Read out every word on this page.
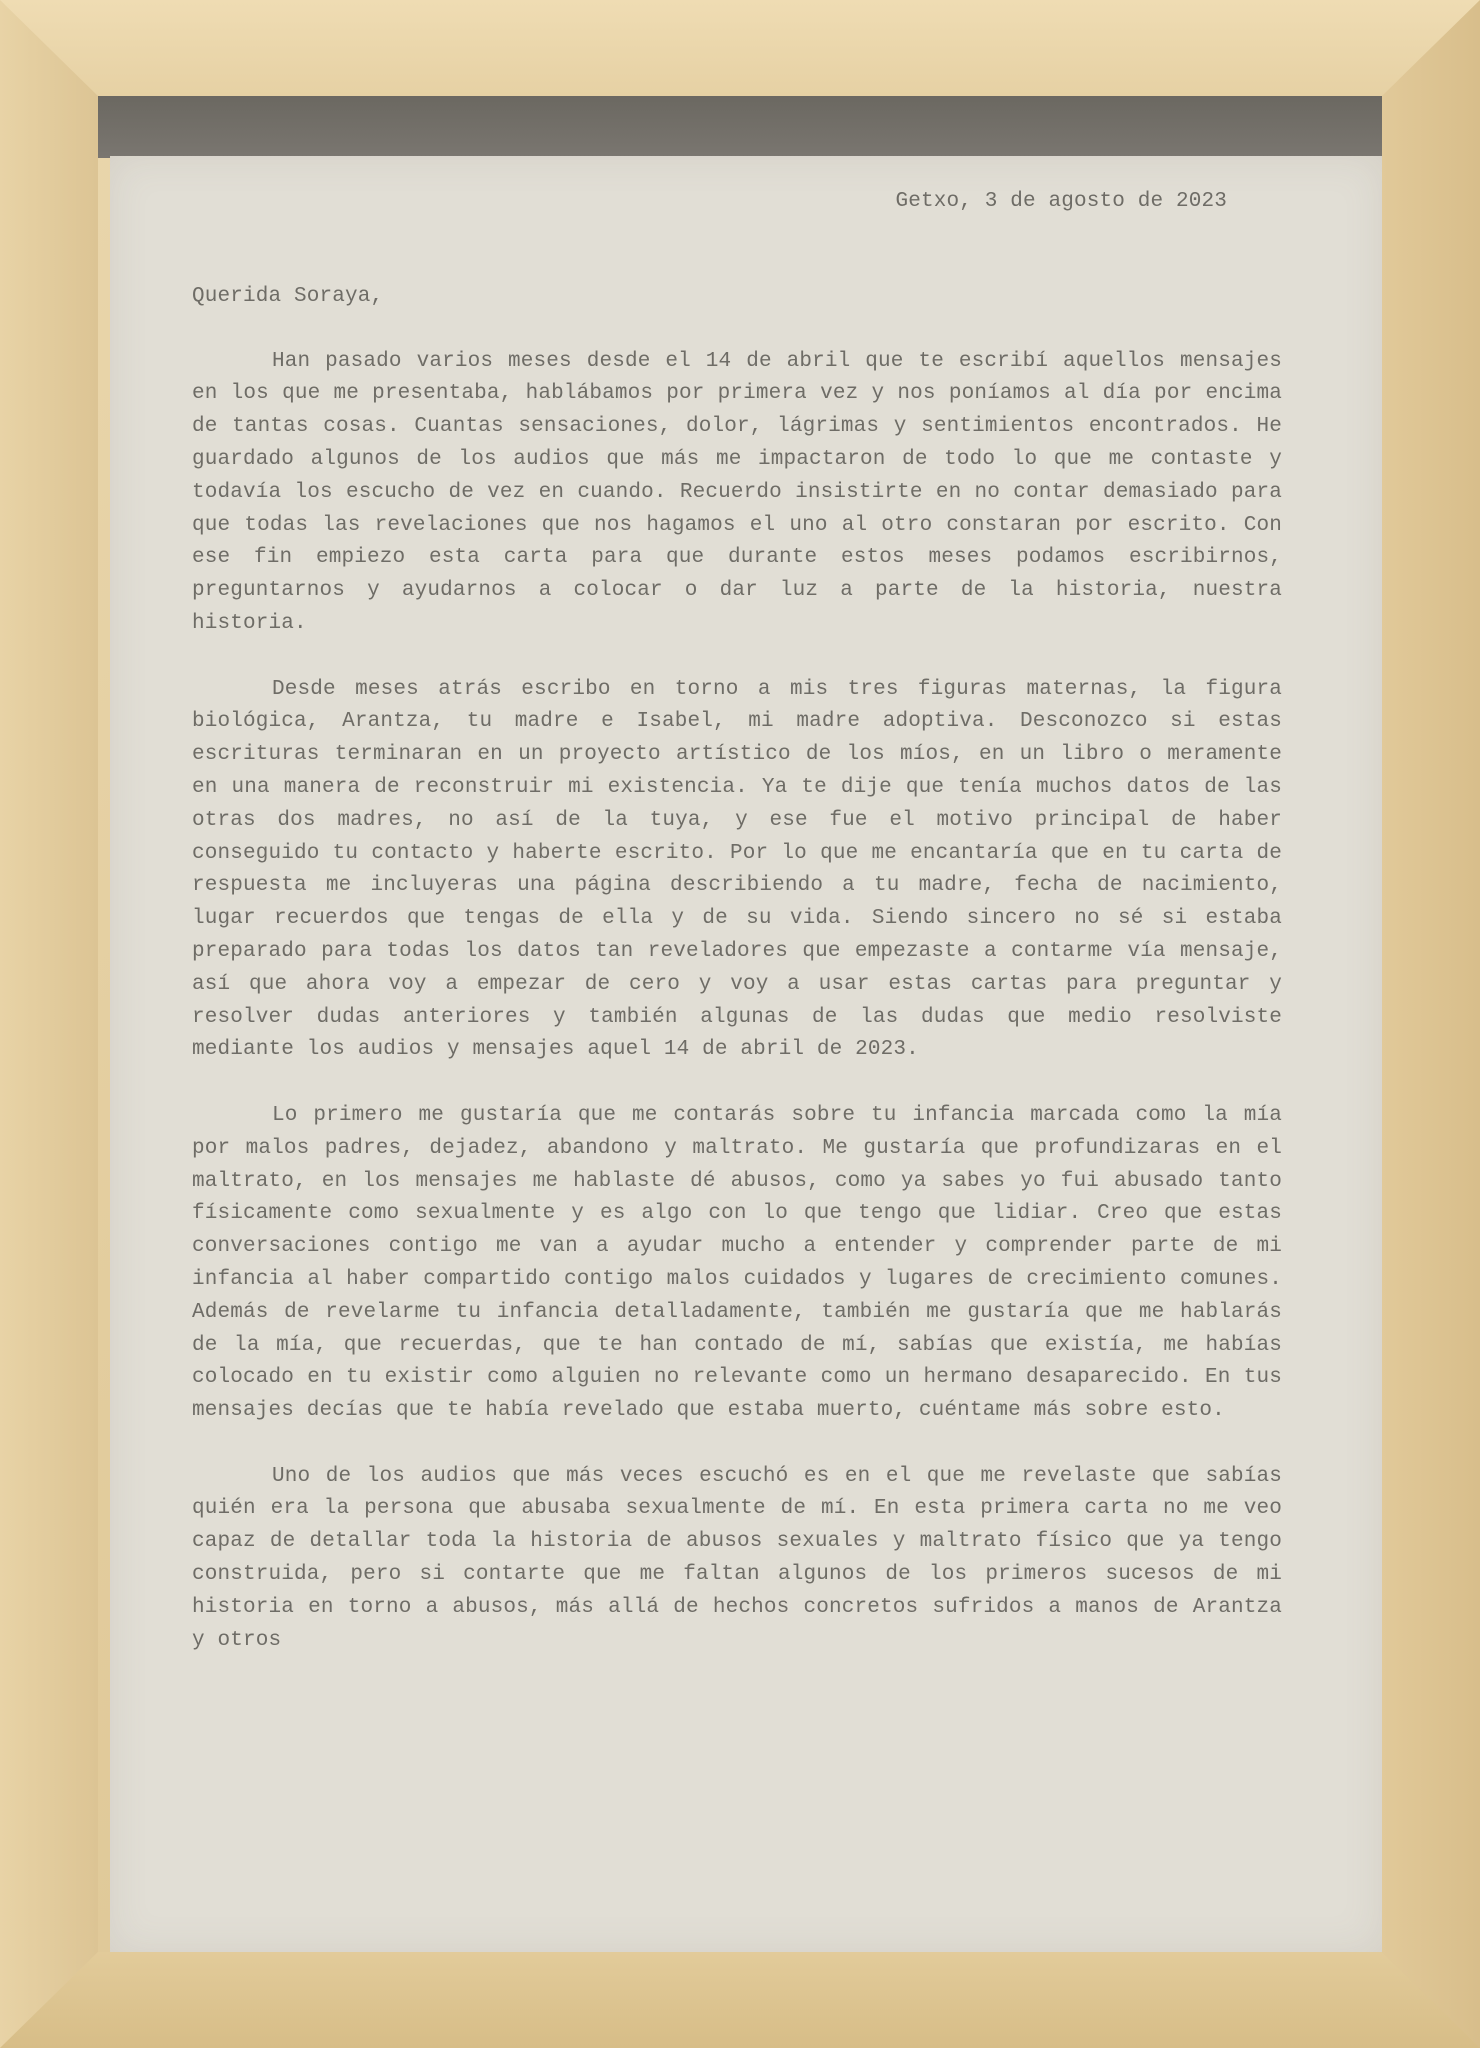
Getxo, 3 de agosto de 2023

Querida Soraya,

Han pasado varios meses desde el 14 de abril que te escribí aquellos mensajes en los que me presentaba, hablábamos por primera vez y nos poníamos al día por encima de tantas cosas. Cuantas sensaciones, dolor, lágrimas y sentimientos encontrados. He guardado algunos de los audios que más me impactaron de todo lo que me contaste y todavía los escucho de vez en cuando. Recuerdo insistirte en no contar demasiado para que todas las revelaciones que nos hagamos el uno al otro constaran por escrito. Con ese fin empiezo esta carta para que durante estos meses podamos escribirnos, preguntarnos y ayudarnos a colocar o dar luz a parte de la historia, nuestra historia.

Desde meses atrás escribo en torno a mis tres figuras maternas, la figura biológica, Arantza, tu madre e Isabel, mi madre adoptiva. Desconozco si estas escrituras terminaran en un proyecto artístico de los míos, en un libro o meramente en una manera de reconstruir mi existencia. Ya te dije que tenía muchos datos de las otras dos madres, no así de la tuya, y ese fue el motivo principal de haber conseguido tu contacto y haberte escrito. Por lo que me encantaría que en tu carta de respuesta me incluyeras una página describiendo a tu madre, fecha de nacimiento, lugar recuerdos que tengas de ella y de su vida. Siendo sincero no sé si estaba preparado para todas los datos tan reveladores que empezaste a contarme vía mensaje, así que ahora voy a empezar de cero y voy a usar estas cartas para preguntar y resolver dudas anteriores y también algunas de las dudas que medio resolviste mediante los audios y mensajes aquel 14 de abril de 2023.

Lo primero me gustaría que me contarás sobre tu infancia marcada como la mía por malos padres, dejadez, abandono y maltrato. Me gustaría que profundizaras en el maltrato, en los mensajes me hablaste dé abusos, como ya sabes yo fui abusado tanto físicamente como sexualmente y es algo con lo que tengo que lidiar. Creo que estas conversaciones contigo me van a ayudar mucho a entender y comprender parte de mi infancia al haber compartido contigo malos cuidados y lugares de crecimiento comunes. Además de revelarme tu infancia detalladamente, también me gustaría que me hablarás de la mía, que recuerdas, que te han contado de mí, sabías que existía, me habías colocado en tu existir como alguien no relevante como un hermano desaparecido. En tus mensajes decías que te había revelado que estaba muerto, cuéntame más sobre esto.

Uno de los audios que más veces escuchó es en el que me revelaste que sabías quién era la persona que abusaba sexualmente de mí. En esta primera carta no me veo capaz de detallar toda la historia de abusos sexuales y maltrato físico que ya tengo construida, pero si contarte que me faltan algunos de los primeros sucesos de mi historia en torno a abusos, más allá de hechos concretos sufridos a manos de Arantza y otros
